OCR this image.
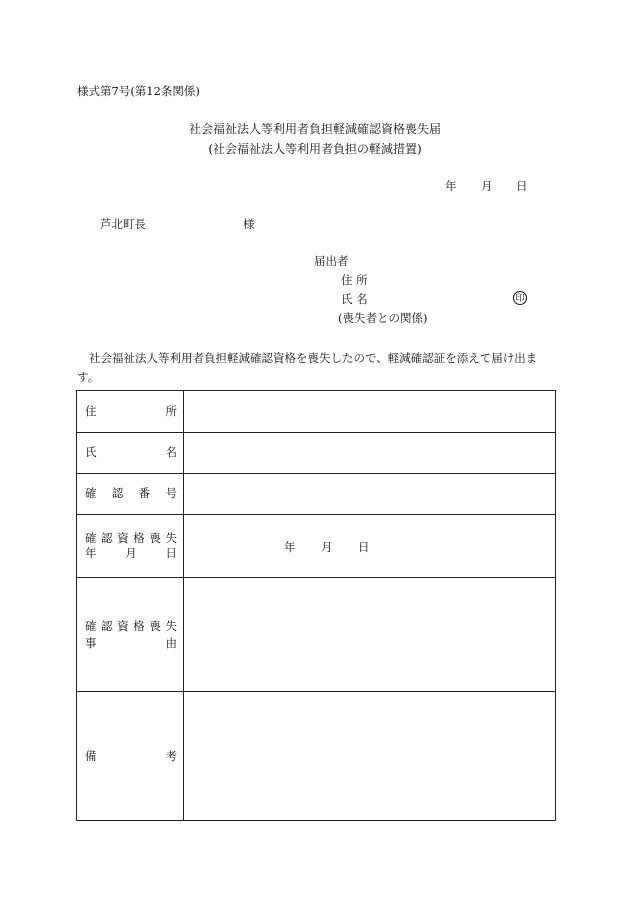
様式第7号(第12条関係)
社会福祉法人等利用者負担軽減確認資格喪失届
(社会福祉法人等利用者負担の軽減措置)
年 月 日
芦北町長	様
届出者
住 所
氏 名	印
(喪失者との関係)
社会福祉法人等利用者負担軽減確認資格を喪失したので、軽減確認証を添えて届け出ます。
住所
氏名
確認番号
確認資格喪失
年月日	年 月 日
確認資格喪失
事由
備考
